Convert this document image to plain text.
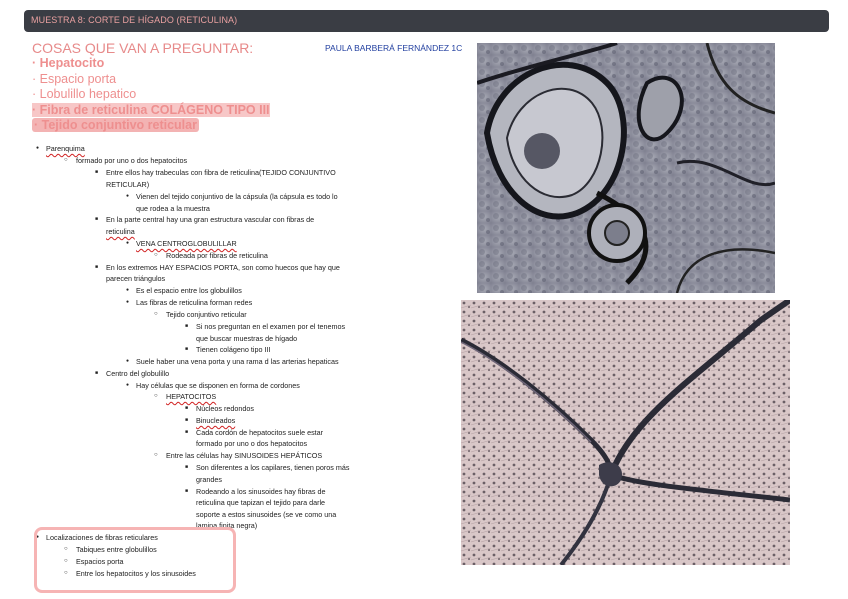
MUESTRA 8: CORTE DE HÍGADO (RETICULINA)
PAULA BARBERÁ FERNÁNDEZ 1C
COSAS QUE VAN A PREGUNTAR:
· Hepatocito
· Espacio porta
· Lobulillo hepatico
· Fibra de reticulina COLÁGENO TIPO III
· Tejido conjuntivo reticular
● Parenquima
○ formado por uno o dos hepatocitos
■ Entre ellos hay trabeculas con fibra de reticulina(TEJIDO CONJUNTIVO
RETICULAR)
● Vienen del tejido conjuntivo de la cápsula (la cápsula es todo lo
que rodea a la muestra
■ En la parte central hay una gran estructura vascular con fibras de
reticulina
● VENA CENTROGLOBULILLAR
○ Rodeada por fibras de reticulina
■ En los extremos HAY ESPACIOS PORTA, son como huecos que hay que
parecen triángulos
● Es el espacio entre los globulillos
● Las fibras de reticulina forman redes
○ Tejido conjuntivo reticular
■ Si nos preguntan en el examen por el tenemos
que buscar muestras de hígado
■ Tienen colágeno tipo III
● Suele haber una vena porta y una rama d las arterias hepaticas
■ Centro del globulillo
● Hay células que se disponen en forma de cordones
○ HEPATOCITOS
■ Núcleos redondos
■ Binucleados
■ Cada cordón de hepatocitos suele estar
formado por uno o dos hepatocitos
○ Entre las células hay SINUSOIDES HEPÁTICOS
■ Son diferentes a los capilares, tienen poros más
grandes
■ Rodeando a los sinusoides hay fibras de
reticulina que tapizan el tejido para darle
soporte a estos sinusoides (se ve como una
lamina finita negra)
● Localizaciones de fibras reticulares
○ Tabiques entre globulillos
○ Espacios porta
○ Entre los hepatocitos y los sinusoides
